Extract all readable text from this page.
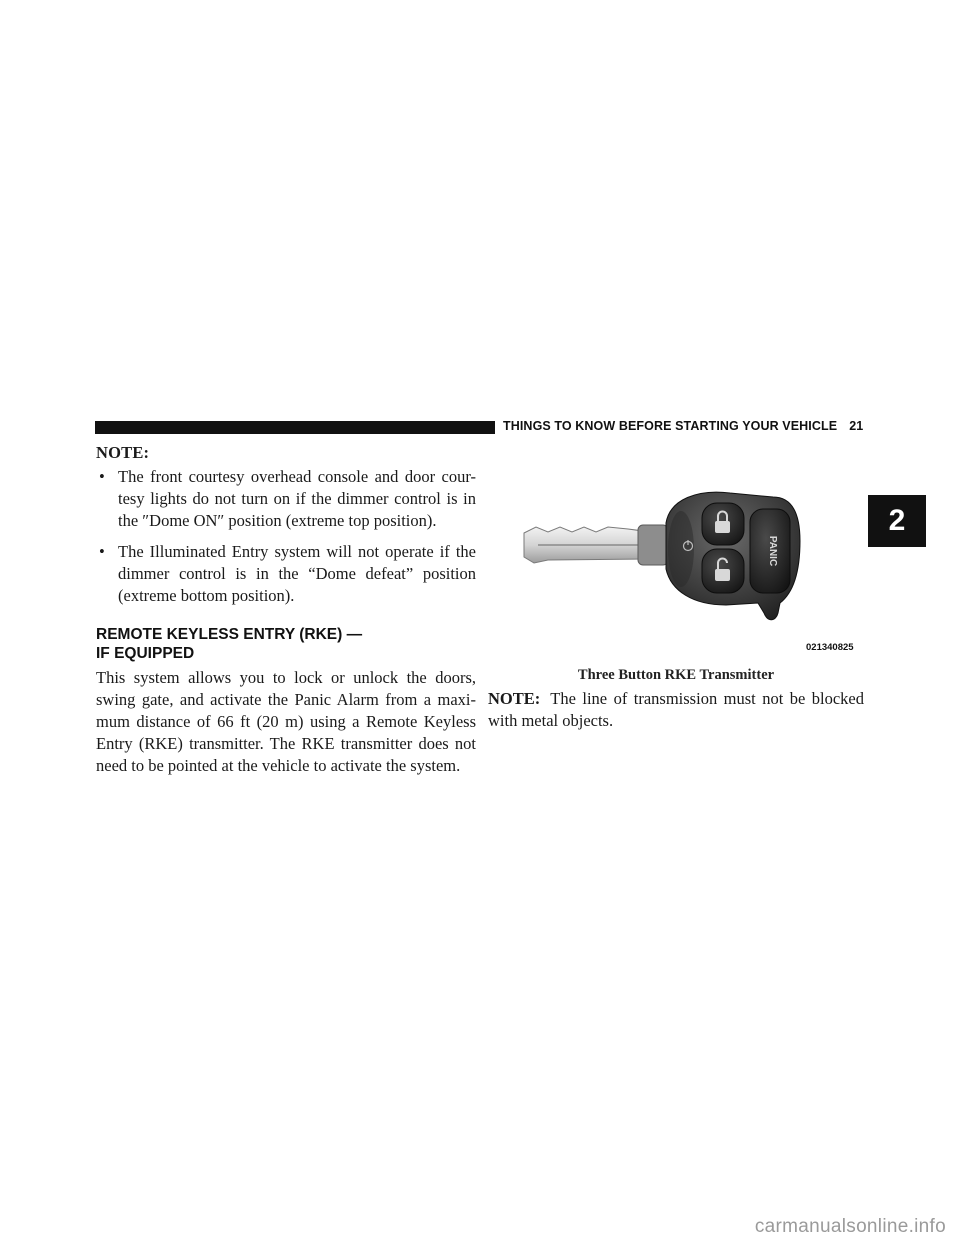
THINGS TO KNOW BEFORE STARTING YOUR VEHICLE 21
2
NOTE:
• The front courtesy overhead console and door cour-tesy lights do not turn on if the dimmer control is in the ″Dome ON″ position (extreme top position).
• The Illuminated Entry system will not operate if the dimmer control is in the “Dome defeat” position (extreme bottom position).
REMOTE KEYLESS ENTRY (RKE) —
IF EQUIPPED

This system allows you to lock or unlock the doors, swing gate, and activate the Panic Alarm from a maxi-mum distance of 66 ft (20 m) using a Remote Keyless Entry (RKE) transmitter. The RKE transmitter does not need to be pointed at the vehicle to activate the system.

PANIC
021340825
Three Button RKE Transmitter

NOTE: The line of transmission must not be blocked with metal objects.

carmanualsonline.info
